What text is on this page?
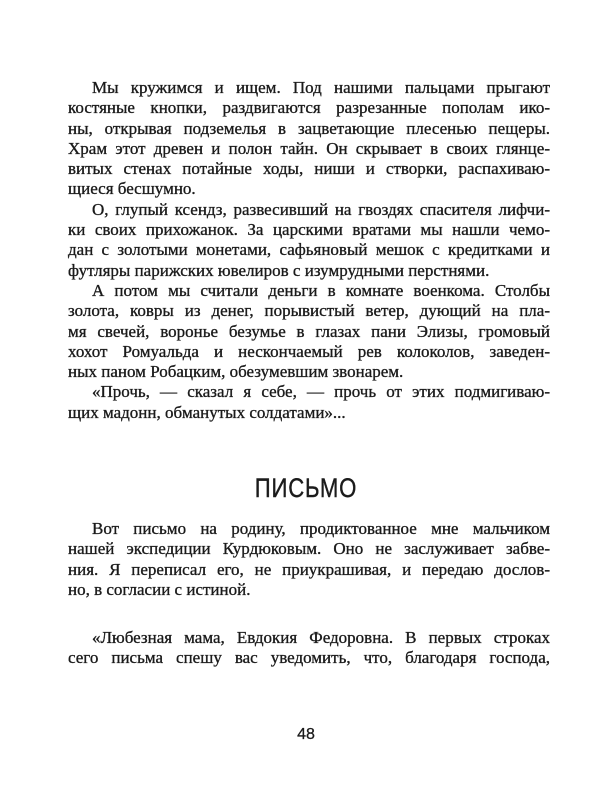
Мы кружимся и ищем. Под нашими пальцами прыгают
костяные кнопки, раздвигаются разрезанные пополам ико-
ны, открывая подземелья в зацветающие плесенью пещеры.
Храм этот древен и полон тайн. Он скрывает в своих глянце-
витых стенах потайные ходы, ниши и створки, распахиваю-
щиеся бесшумно.
О, глупый ксендз, развесивший на гвоздях спасителя лифчи-
ки своих прихожанок. За царскими вратами мы нашли чемо-
дан с золотыми монетами, сафьяновый мешок с кредитками и
футляры парижских ювелиров с изумрудными перстнями.
А потом мы считали деньги в комнате военкома. Столбы
золота, ковры из денег, порывистый ветер, дующий на пла-
мя свечей, воронье безумье в глазах пани Элизы, громовый
хохот Ромуальда и нескончаемый рев колоколов, заведен-
ных паном Робацким, обезумевшим звонарем.
«Прочь, — сказал я себе, — прочь от этих подмигиваю-
щих мадонн, обманутых солдатами»...
ПИСЬМО
Вот письмо на родину, продиктованное мне мальчиком
нашей экспедиции Курдюковым. Оно не заслуживает забве-
ния. Я переписал его, не приукрашивая, и передаю дослов-
но, в согласии с истиной.
«Любезная мама, Евдокия Федоровна. В первых строках
сего письма спешу вас уведомить, что, благодаря господа,
48
